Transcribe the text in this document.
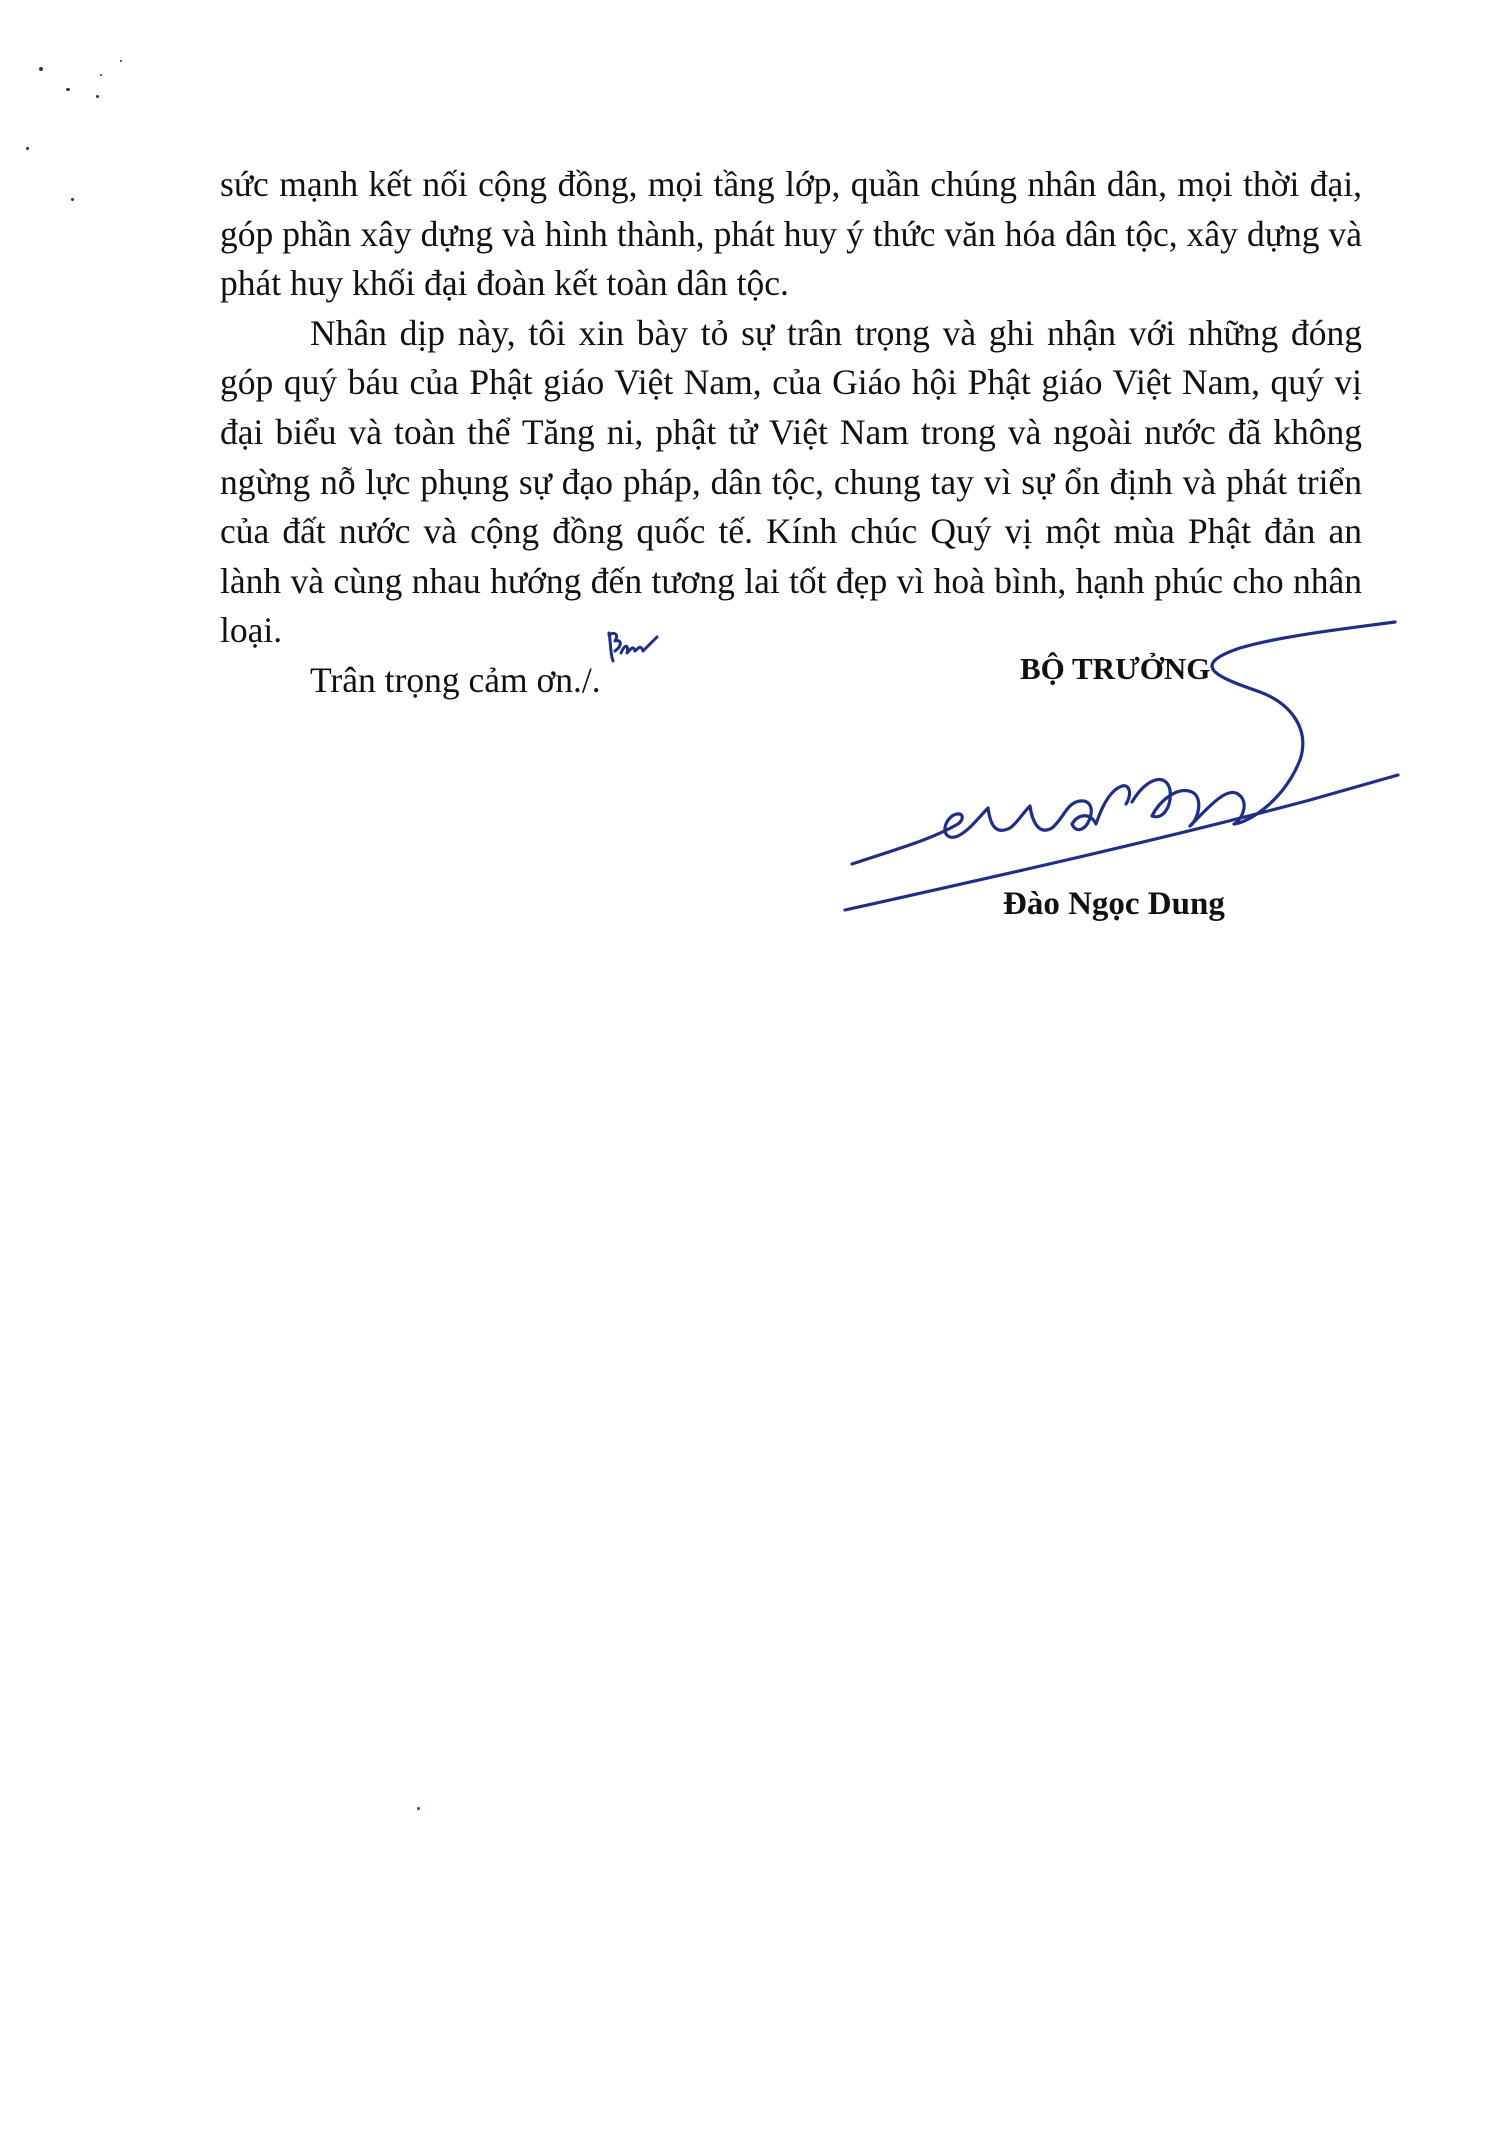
sức mạnh kết nối cộng đồng, mọi tầng lớp, quần chúng nhân dân, mọi thời đại, góp phần xây dựng và hình thành, phát huy ý thức văn hóa dân tộc, xây dựng và phát huy khối đại đoàn kết toàn dân tộc.

Nhân dịp này, tôi xin bày tỏ sự trân trọng và ghi nhận với những đóng góp quý báu của Phật giáo Việt Nam, của Giáo hội Phật giáo Việt Nam, quý vị đại biểu và toàn thể Tăng ni, phật tử Việt Nam trong và ngoài nước đã không ngừng nỗ lực phụng sự đạo pháp, dân tộc, chung tay vì sự ổn định và phát triển của đất nước và cộng đồng quốc tế. Kính chúc Quý vị một mùa Phật đản an lành và cùng nhau hướng đến tương lai tốt đẹp vì hoà bình, hạnh phúc cho nhân loại.

Trân trọng cảm ơn./.	BỘ TRƯỞNG
Đào Ngọc Dung
